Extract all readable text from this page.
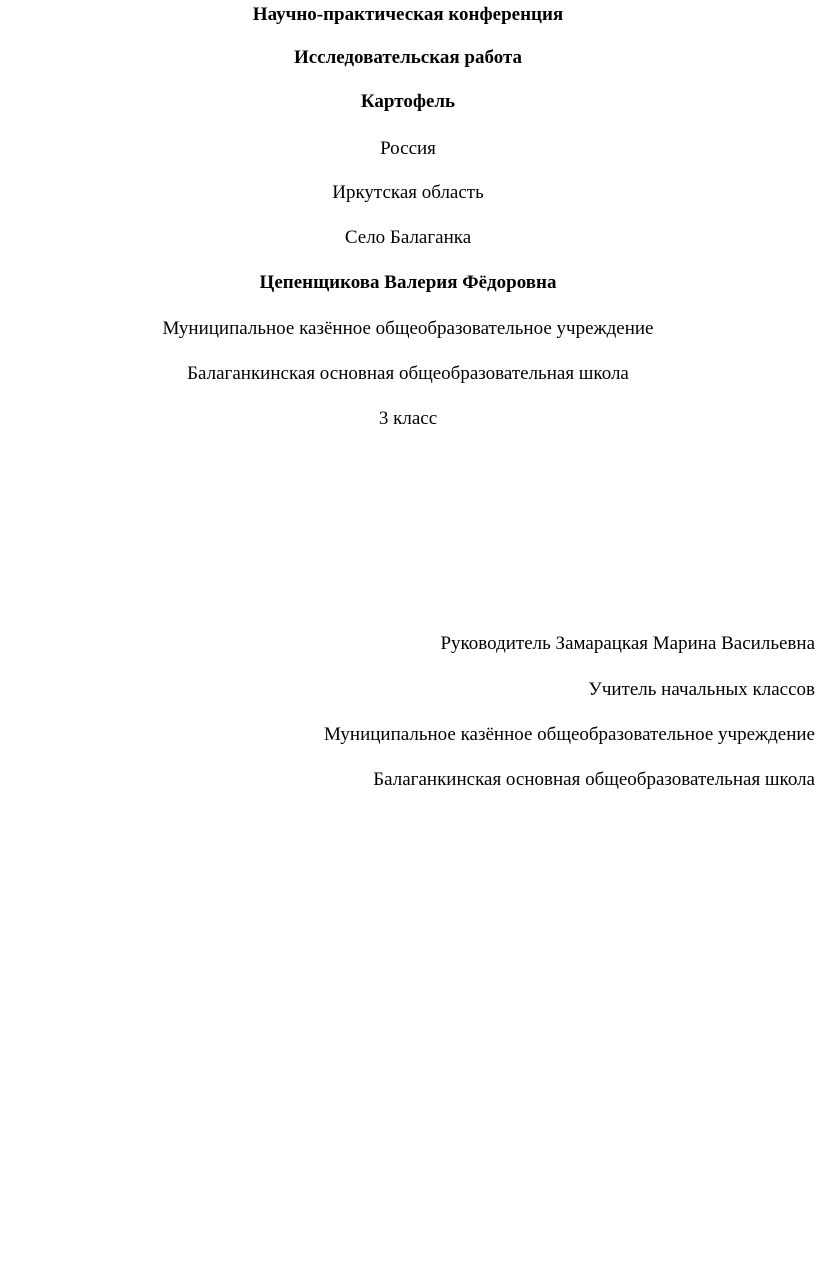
Научно-практическая конференция
Исследовательская работа
Картофель
Россия
Иркутская область
Село Балаганка
Цепенщикова Валерия Фёдоровна
Муниципальное казённое общеобразовательное учреждение
Балаганкинская основная общеобразовательная школа
3 класс
Руководитель Замарацкая Марина Васильевна
Учитель начальных классов
Муниципальное казённое общеобразовательное учреждение
Балаганкинская основная общеобразовательная школа
